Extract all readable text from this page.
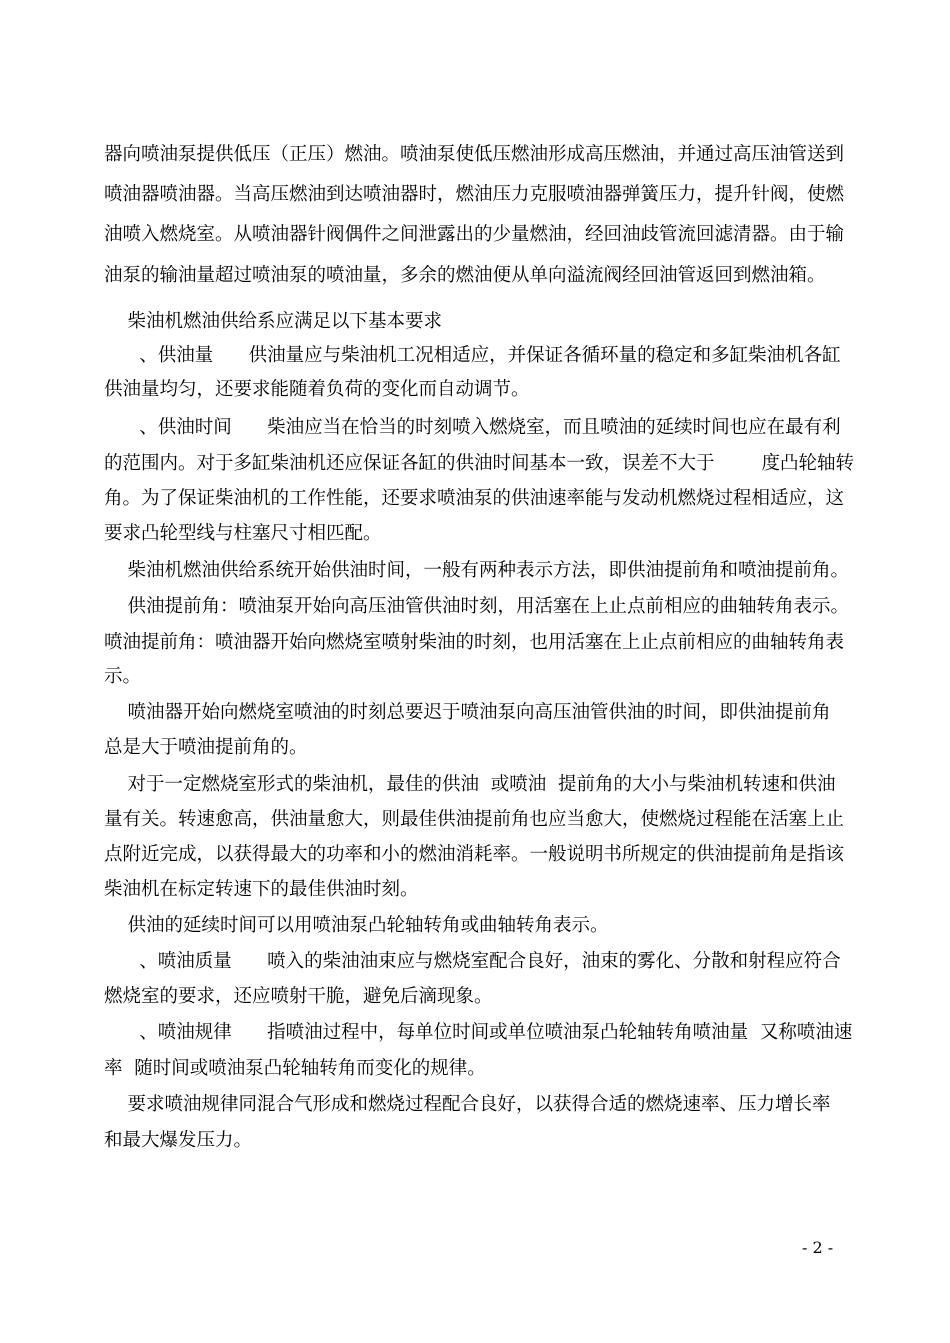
器向喷油泵提供低压（正压）燃油。喷油泵使低压燃油形成高压燃油，并通过高压油管送到

喷油器喷油器。当高压燃油到达喷油器时，燃油压力克服喷油器弹簧压力，提升针阀，使燃

油喷入燃烧室。从喷油器针阀偶件之间泄露出的少量燃油，经回油歧管流回滤清器。由于输

油泵的输油量超过喷油泵的喷油量，多余的燃油便从单向溢流阀经回油管返回到燃油箱。

柴油机燃油供给系应满足以下基本要求

、供油量      供油量应与柴油机工况相适应，并保证各循环量的稳定和多缸柴油机各缸

供油量均匀，还要求能随着负荷的变化而自动调节。

、供油时间      柴油应当在恰当的时刻喷入燃烧室，而且喷油的延续时间也应在最有利

的范围内。对于多缸柴油机还应保证各缸的供油时间基本一致，误差不大于        度凸轮轴转

角。为了保证柴油机的工作性能，还要求喷油泵的供油速率能与发动机燃烧过程相适应，这

要求凸轮型线与柱塞尺寸相匹配。

柴油机燃油供给系统开始供油时间，一般有两种表示方法，即供油提前角和喷油提前角。

供油提前角：喷油泵开始向高压油管供油时刻，用活塞在上止点前相应的曲轴转角表示。

喷油提前角：喷油器开始向燃烧室喷射柴油的时刻，也用活塞在上止点前相应的曲轴转角表

示。

喷油器开始向燃烧室喷油的时刻总要迟于喷油泵向高压油管供油的时间，即供油提前角

总是大于喷油提前角的。

对于一定燃烧室形式的柴油机，最佳的供油  或喷油  提前角的大小与柴油机转速和供油

量有关。转速愈高，供油量愈大，则最佳供油提前角也应当愈大，使燃烧过程能在活塞上止

点附近完成，以获得最大的功率和小的燃油消耗率。一般说明书所规定的供油提前角是指该

柴油机在标定转速下的最佳供油时刻。

供油的延续时间可以用喷油泵凸轮轴转角或曲轴转角表示。

、喷油质量      喷入的柴油油束应与燃烧室配合良好，油束的雾化、分散和射程应符合

燃烧室的要求，还应喷射干脆，避免后滴现象。

、喷油规律      指喷油过程中，每单位时间或单位喷油泵凸轮轴转角喷油量  又称喷油速

率  随时间或喷油泵凸轮轴转角而变化的规律。

要求喷油规律同混合气形成和燃烧过程配合良好，以获得合适的燃烧速率、压力增长率

和最大爆发压力。

- 2 -
